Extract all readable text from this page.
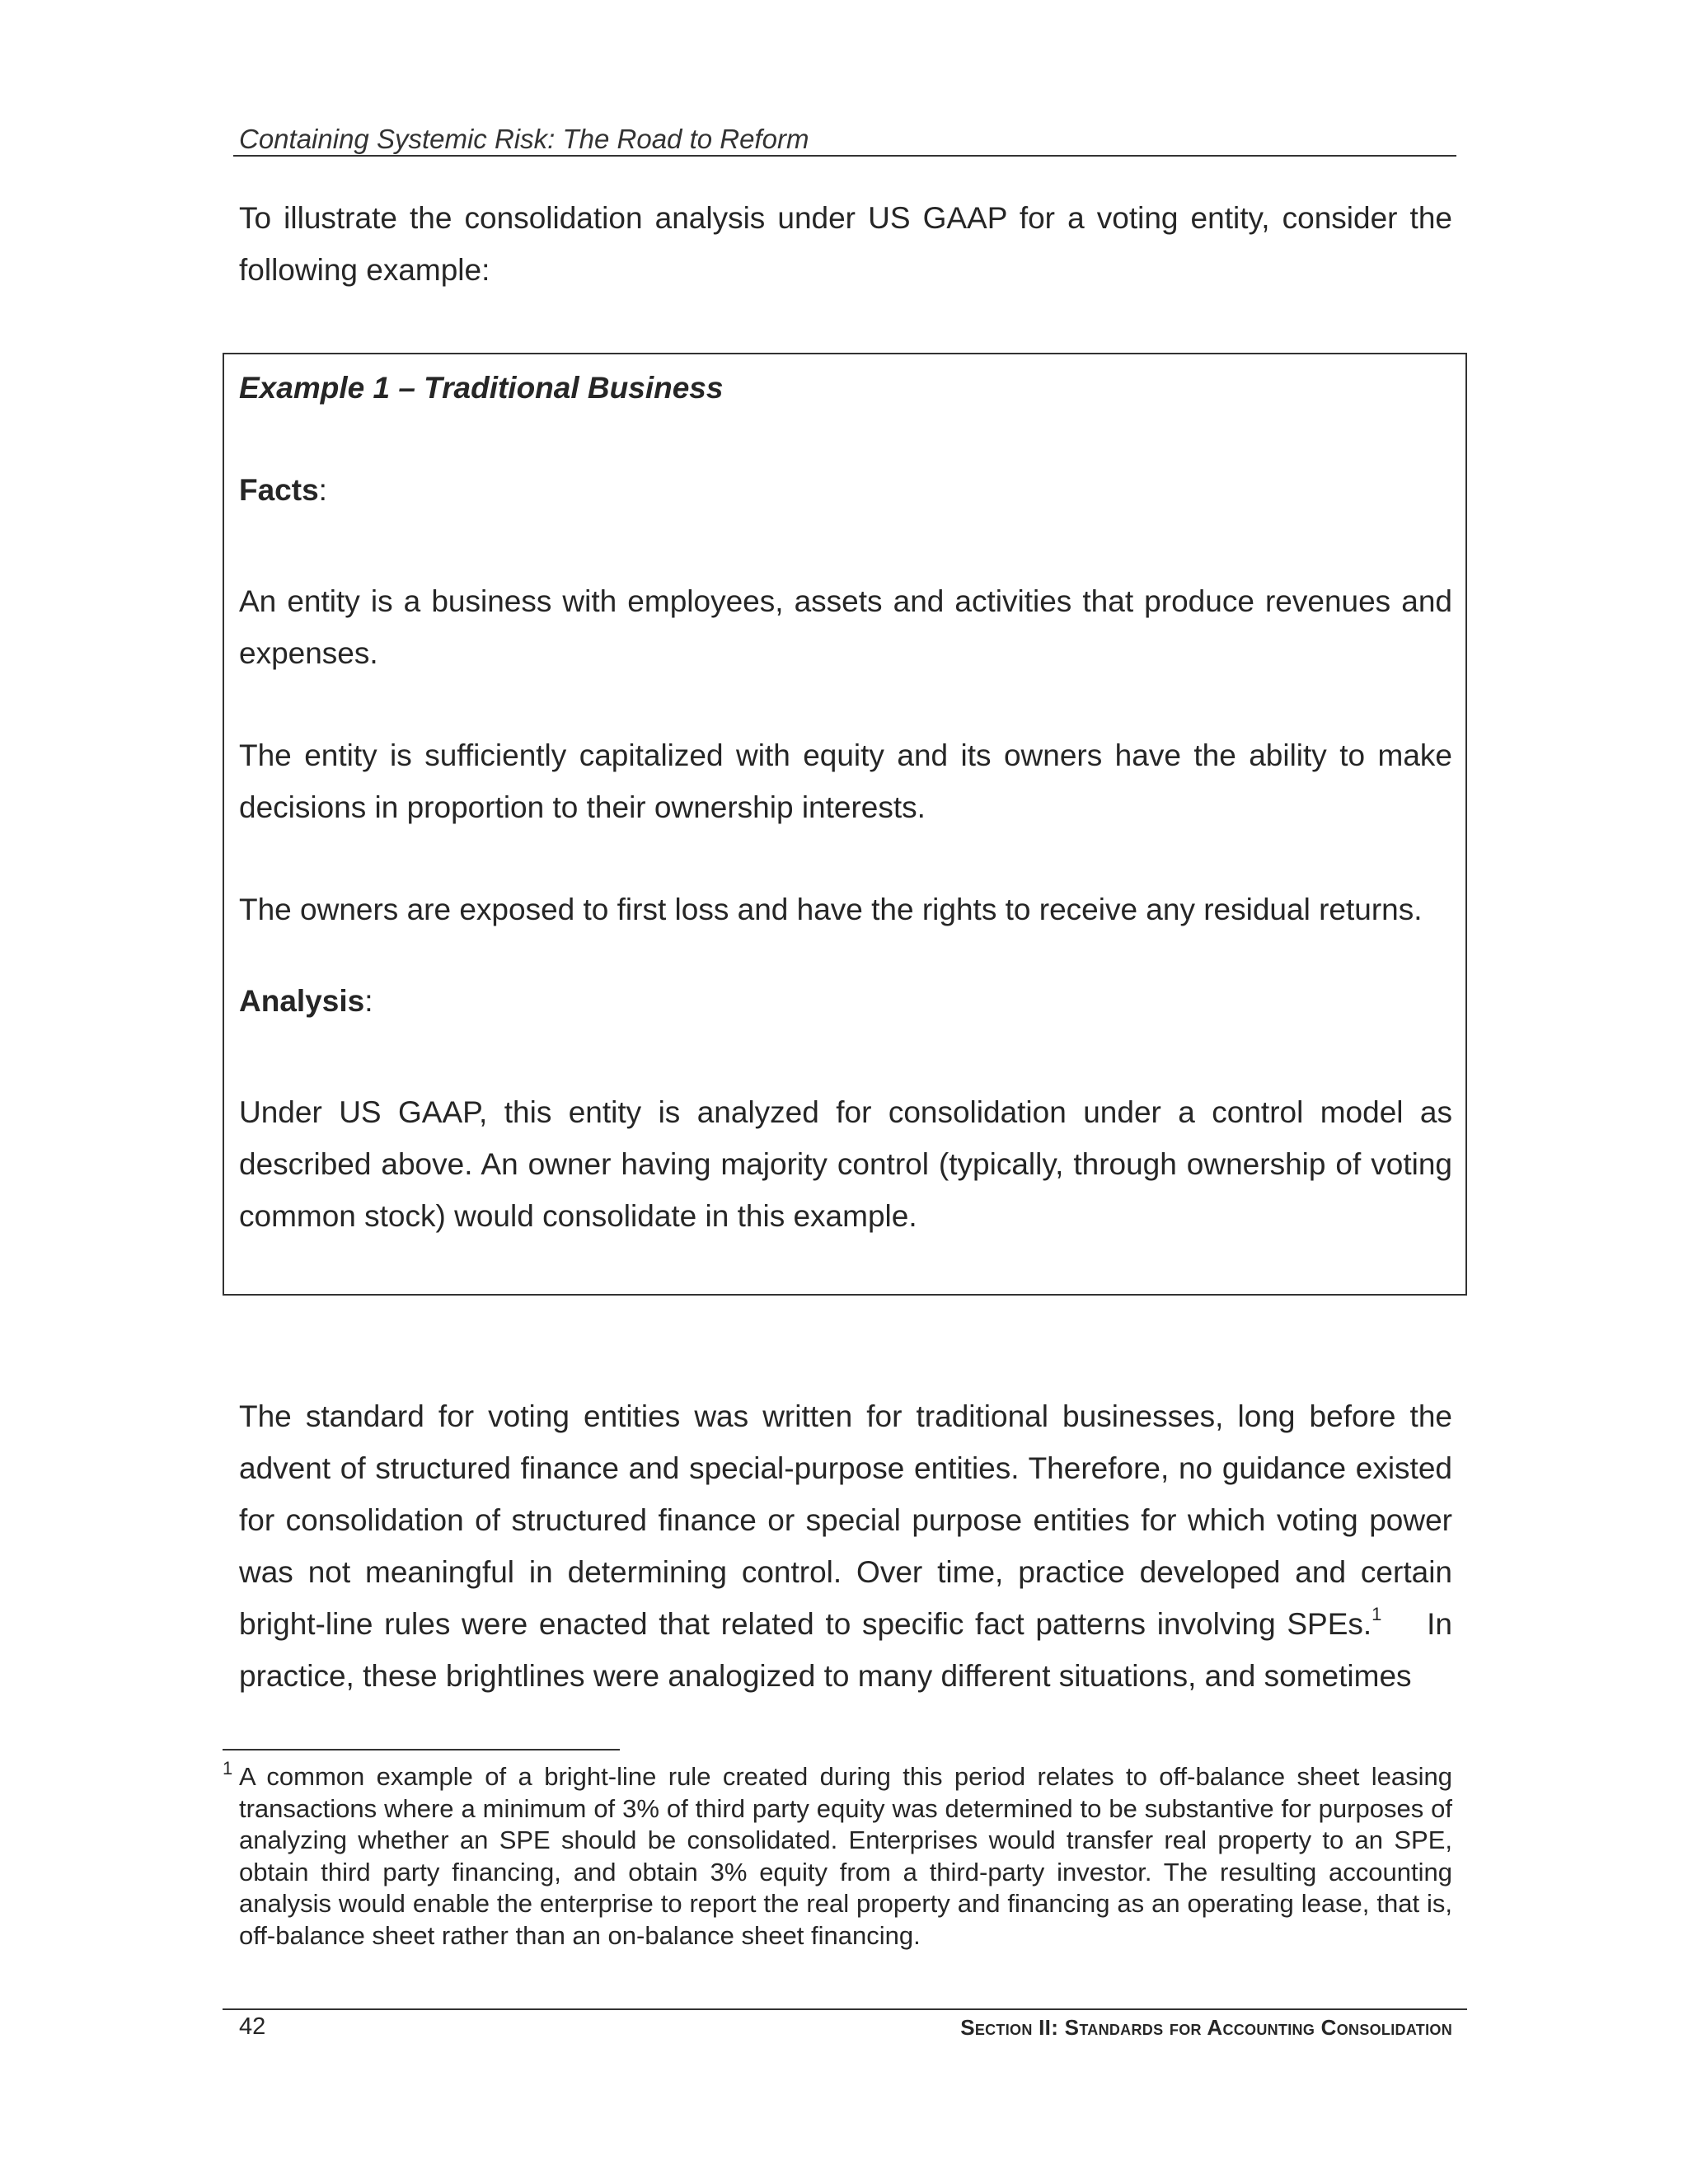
Containing Systemic Risk: The Road to Reform

To illustrate the consolidation analysis under US GAAP for a voting entity, consider the

following example:

Example 1 – Traditional Business
Facts:

An entity is a business with employees, assets and activities that produce revenues and expenses.

The entity is sufficiently capitalized with equity and its owners have the ability to make decisions in proportion to their ownership interests.

The owners are exposed to first loss and have the rights to receive any residual returns.

Analysis:

Under US GAAP, this entity is analyzed for consolidation under a control model as described above. An owner having majority control (typically, through ownership of voting common stock) would consolidate in this example.

The standard for voting entities was written for traditional businesses, long before the advent of structured finance and special-purpose entities. Therefore, no guidance existed for consolidation of structured finance or special purpose entities for which voting power was not meaningful in determining control. Over time, practice developed and certain bright-line rules were enacted that related to specific fact patterns involving SPEs.$^1$    In practice, these brightlines were analogized to many different situations, and sometimes

1 A common example of a bright-line rule created during this period relates to off-balance sheet leasing transactions where a minimum of 3% of third party equity was determined to be substantive for purposes of analyzing whether an SPE should be consolidated. Enterprises would transfer real property to an SPE, obtain third party financing, and obtain 3% equity from a third-party investor. The resulting accounting analysis would enable the enterprise to report the real property and financing as an operating lease, that is, off-balance sheet rather than an on-balance sheet financing.

42	Section II: Standards for Accounting Consolidation
